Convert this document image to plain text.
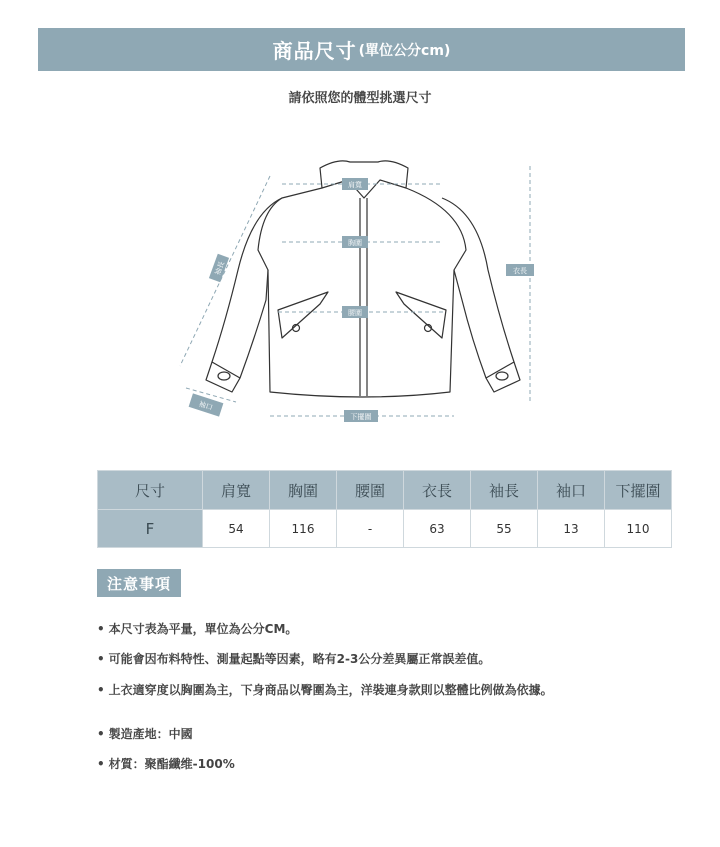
商品尺寸 (單位公分cm)
請依照您的體型挑選尺寸
肩寬
胸圍
腰圍
下擺圍
衣長
袖長
袖口
尺寸	肩寬	胸圍	腰圍	衣長	袖長	袖口	下擺圍
F	54	116	-	63	55	13	110
注意事項
• 本尺寸表為平量，單位為公分CM。
• 可能會因布料特性、測量起點等因素，略有2-3公分差異屬正常誤差值。
• 上衣適穿度以胸圍為主，下身商品以臀圍為主，洋裝連身款則以整體比例做為依據。
• 製造產地：中國
• 材質：聚酯纖维-100%
